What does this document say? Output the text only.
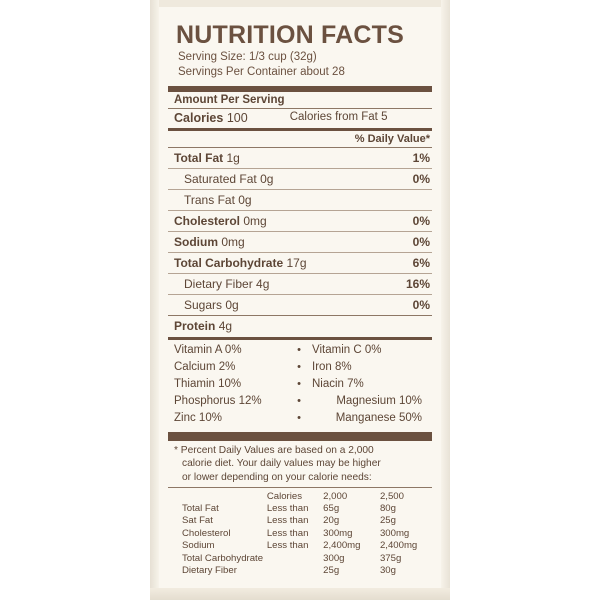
NUTRITION FACTS
Serving Size: 1/3 cup (32g)
Servings Per Container about 28
Amount Per Serving
Calories 100	Calories from Fat 5
% Daily Value*
Total Fat 1g	1%
Saturated Fat 0g	0%
Trans Fat 0g
Cholesterol 0mg	0%
Sodium 0mg	0%
Total Carbohydrate 17g	6%
Dietary Fiber 4g	16%
Sugars 0g	0%
Protein 4g
Vitamin A 0%	• Vitamin C 0%
Calcium 2%	• Iron 8%
Thiamin 10%	• Niacin 7%
Phosphorus 12%	•	Magnesium 10%
Zinc 10%	•	Manganese 50%
* Percent Daily Values are based on a 2,000

calorie diet. Your daily values may be higher
or lower depending on your calorie needs:
	Calories	2,000	2,500
Total Fat	Less than	65g	80g
Sat Fat	Less than	20g	25g
Cholesterol	Less than	300mg	300mg
Sodium	Less than	2,400mg	2,400mg
Total Carbohydrate		300g	375g
Dietary Fiber		25g	30g
